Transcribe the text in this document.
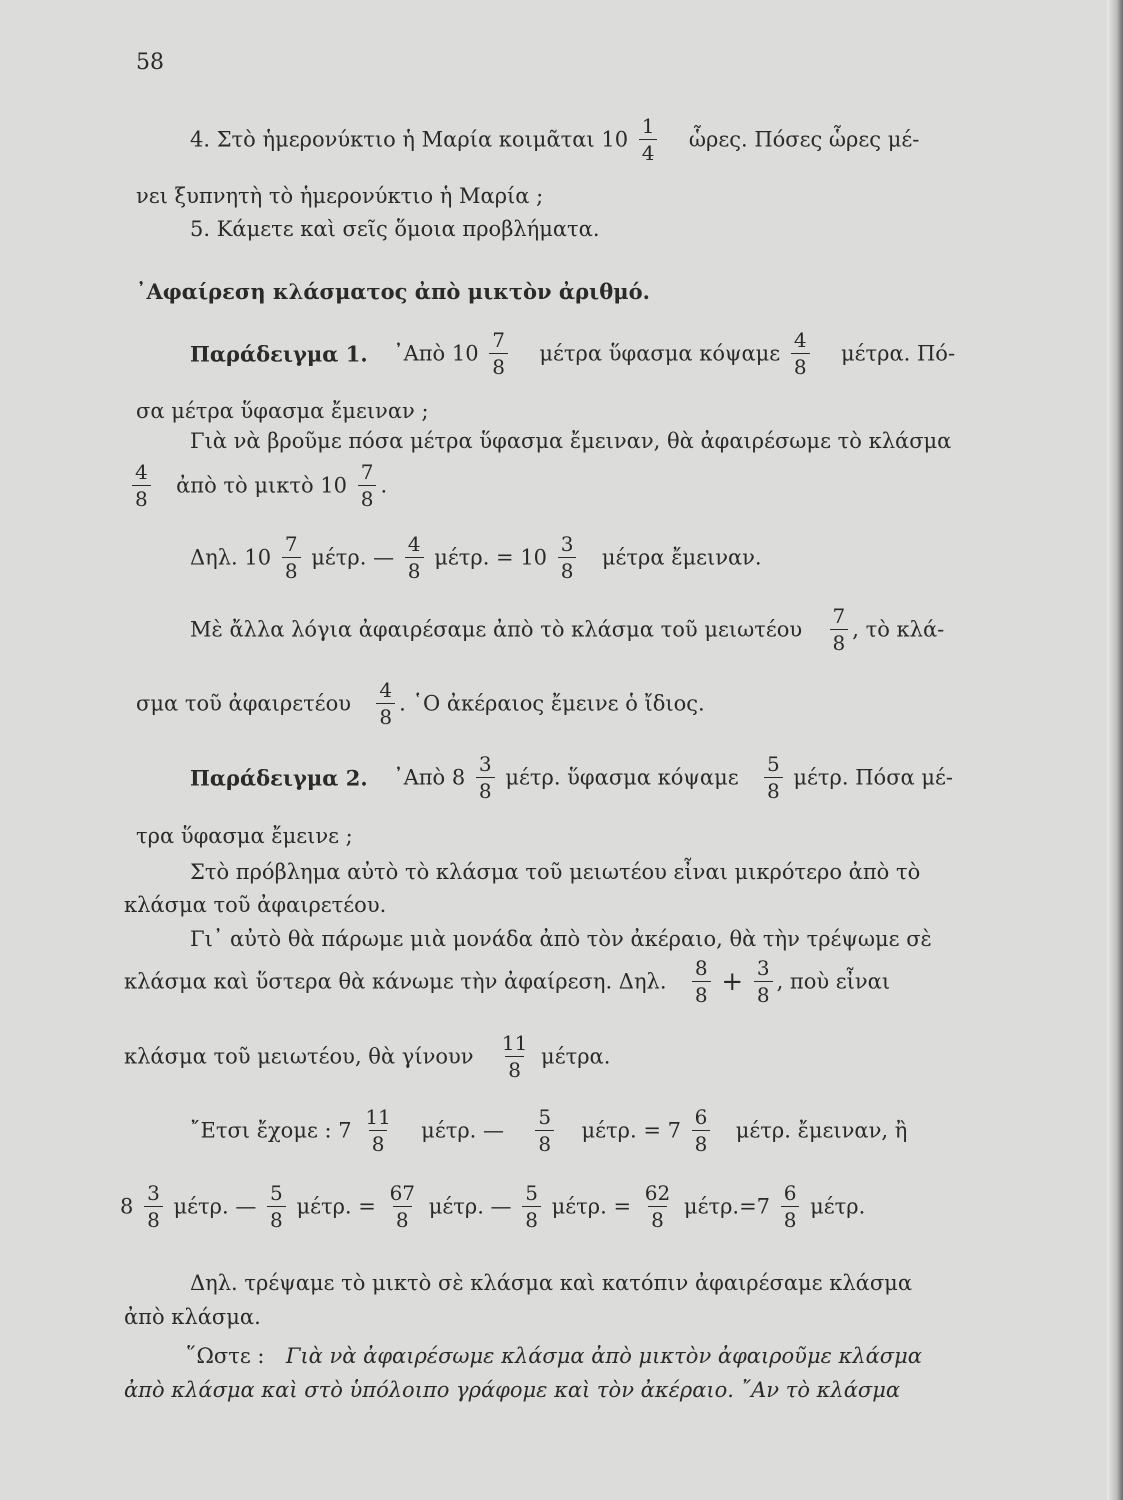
58
4. Στὸ ἡμερονύκτιο ἡ Μαρία κοιμᾶται $10 \frac{1}{4}$ ὧρες. Πόσες ὧρες μέ-
νει ξυπνητὴ τὸ ἡμερονύκτιο ἡ Μαρία ;
5. Κάμετε καὶ σεῖς ὅμοια προβλήματα.
᾿Αφαίρεση κλάσματος ἀπὸ μικτὸν ἀριθμό.
Παράδειγμα 1. ᾿Απὸ $10 \frac{7}{8}$ μέτρα ὕφασμα κόψαμε $\frac{4}{8} \mu έ\tau\rho\alpha$. Πό-
σα μέτρα ὕφασμα ἔμειναν ;
Γιὰ νὰ βροῦμε πόσα μέτρα ὕφασμα ἔμειναν, θὰ ἀφαιρέσωμε τὸ κλάσμα
$\frac{4}{8}$ ἀπὸ τὸ μικτὸ $10 \frac{7}{8}$ .
Δηλ. $10 \frac{7}{8} \mu έ\tau\rho$. — $\frac{4}{8} \mu έ\tau\rho$. = $10 \frac{3}{8}$ μέτρα ἔμειναν.
Μὲ ἄλλα λόγια ἀφαιρέσαμε ἀπὸ τὸ κλάσμα τοῦ μειωτέου $\frac{7}{8}$ , τὸ κλά-
σμα τοῦ ἀφαιρετέου $\frac{4}{8}$ . ῾Ο ἀκέραιος ἔμεινε ὁ ἴδιος.
Παράδειγμα 2. ᾿Απὸ $8 \frac{3}{8} \mu έ\tau\rho$. ὕφασμα κόψαμε $\frac{5}{8} \mu έ\tau\rho$. Πόσα μέ-
τρα ὕφασμα ἔμεινε ;
Στὸ πρόβλημα αὐτὸ τὸ κλάσμα τοῦ μειωτέου εἶναι μικρότερο ἀπὸ τὸ
κλάσμα τοῦ ἀφαιρετέου.
Γι᾿ αὐτὸ θὰ πάρωμε μιὰ μονάδα ἀπὸ τὸν ἀκέραιο, θὰ τὴν τρέψωμε σὲ
κλάσμα καὶ ὕστερα θὰ κάνωμε τὴν ἀφαίρεση. Δηλ. $\frac{8}{8} + \frac{3}{8}$ , ποὺ εἶναι
κλάσμα τοῦ μειωτέου, θὰ γίνουν $\frac{11}{8} \mu έ\tau\rho\alpha$.
῎Ετσι ἔχομε : $7 \frac{11}{8} \mu έ\tau\rho$. — $\frac{5}{8} \mu έ\tau\rho$. = $7 \frac{6}{8} \mu έ\tau\rho$. ἔμειναν, ἢ
$8 \frac{3}{8} \mu έ\tau\rho$. — $\frac{5}{8} \mu έ\tau\rho$. = $\frac{67}{8} \mu έ\tau\rho$. — $\frac{5}{8} \mu έ\tau\rho$. = $\frac{62}{8} \mu έ\tau\rho.=7 \frac{6}{8} \mu έ\tau\rho$.
Δηλ. τρέψαμε τὸ μικτὸ σὲ κλάσμα καὶ κατόπιν ἀφαιρέσαμε κλάσμα
ἀπὸ κλάσμα.
῞Ωστε : Γιὰ νὰ ἀφαιρέσωμε κλάσμα ἀπὸ μικτὸν ἀφαιροῦμε κλάσμα
ἀπὸ κλάσμα καὶ στὸ ὑπόλοιπο γράφομε καὶ τὸν ἀκέραιο. ῎Αν τὸ κλάσμα
